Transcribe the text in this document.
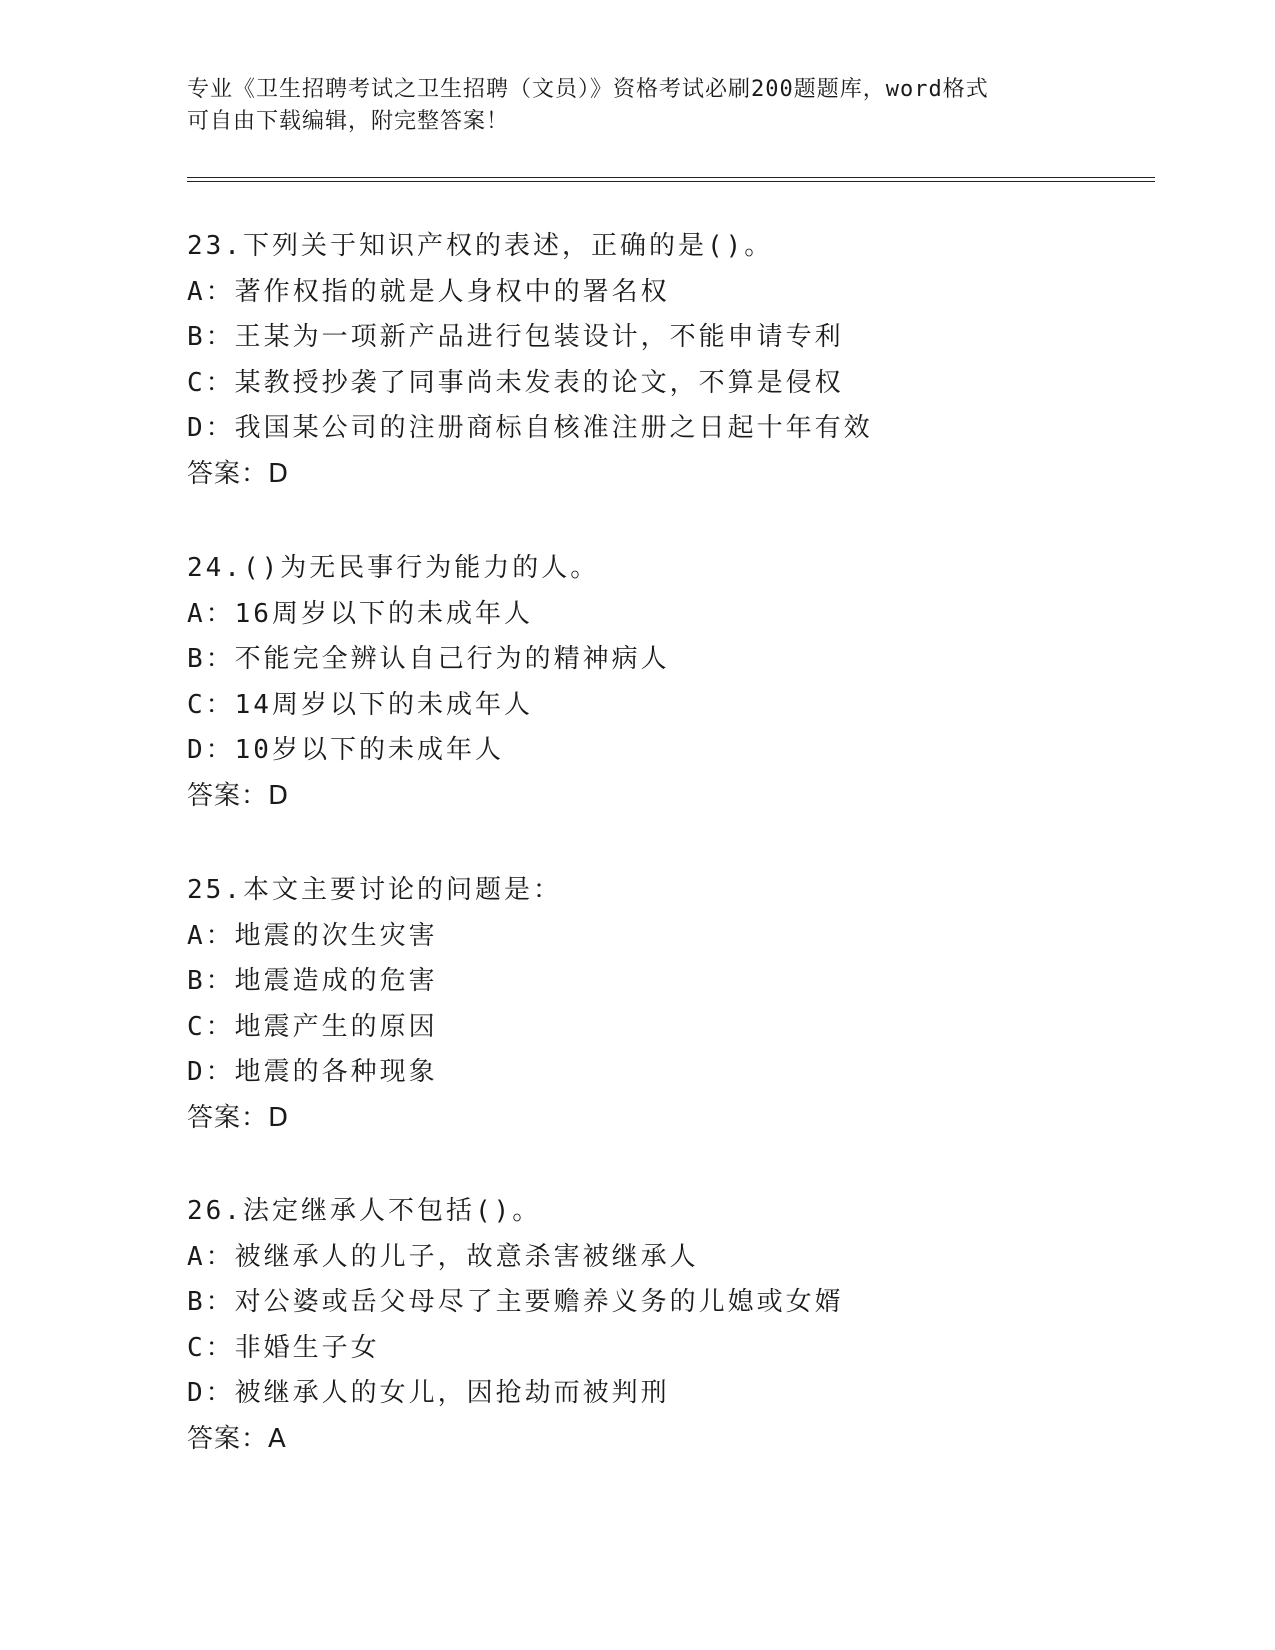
专业《卫生招聘考试之卫生招聘（文员）》资格考试必刷200题题库，word格式
可自由下载编辑，附完整答案！
23.下列关于知识产权的表述，正确的是()。
A：著作权指的就是人身权中的署名权
B：王某为一项新产品进行包装设计，不能申请专利
C：某教授抄袭了同事尚未发表的论文，不算是侵权
D：我国某公司的注册商标自核准注册之日起十年有效
答案：D
24.()为无民事行为能力的人。
A：16周岁以下的未成年人
B：不能完全辨认自己行为的精神病人
C：14周岁以下的未成年人
D：10岁以下的未成年人
答案：D
25.本文主要讨论的问题是：
A：地震的次生灾害
B：地震造成的危害
C：地震产生的原因
D：地震的各种现象
答案：D
26.法定继承人不包括()。
A：被继承人的儿子，故意杀害被继承人
B：对公婆或岳父母尽了主要赡养义务的儿媳或女婿
C：非婚生子女
D：被继承人的女儿，因抢劫而被判刑
答案：A
